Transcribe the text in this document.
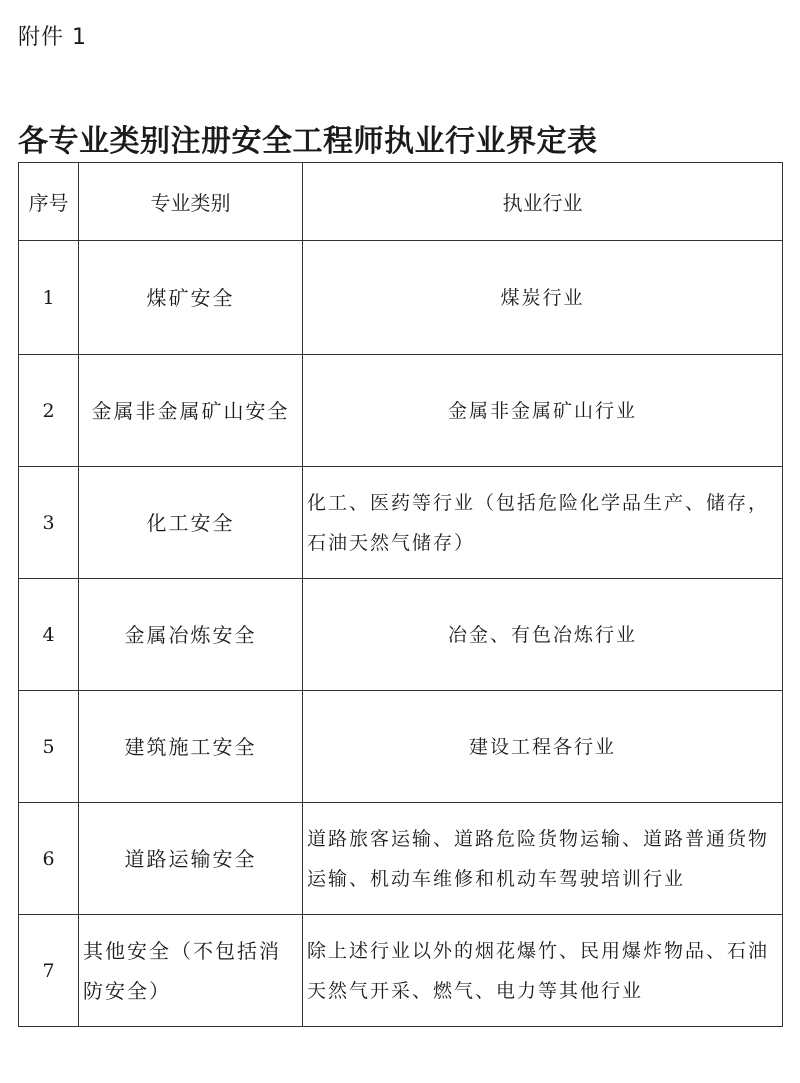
附件 1
各专业类别注册安全工程师执业行业界定表
序号	专业类别	执业行业
1	煤矿安全	煤炭行业
2	金属非金属矿山安全	金属非金属矿山行业
3	化工安全	化工、医药等行业（包括危险化学品生产、储存，石油天然气储存）
4	金属冶炼安全	冶金、有色冶炼行业
5	建筑施工安全	建设工程各行业
6	道路运输安全	道路旅客运输、道路危险货物运输、道路普通货物运输、机动车维修和机动车驾驶培训行业
7	其他安全（不包括消防安全）	除上述行业以外的烟花爆竹、民用爆炸物品、石油天然气开采、燃气、电力等其他行业
